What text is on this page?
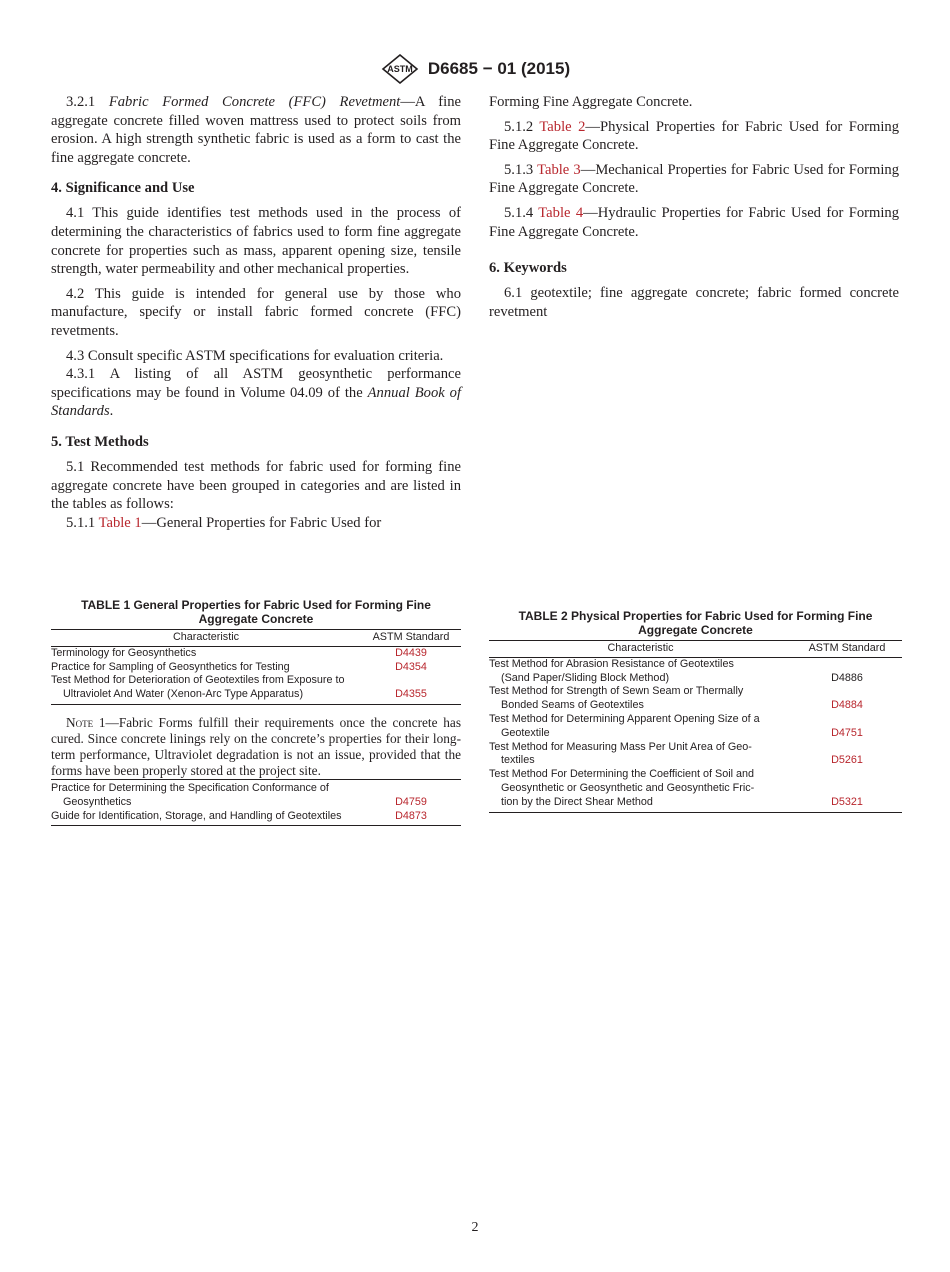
ASTM D6685 − 01 (2015)

3.2.1 Fabric Formed Concrete (FFC) Revetment—A fine aggregate concrete filled woven mattress used to protect soils from erosion. A high strength synthetic fabric is used as a form to cast the fine aggregate concrete.

4. Significance and Use

4.1 This guide identifies test methods used in the process of determining the characteristics of fabrics used to form fine aggregate concrete for properties such as mass, apparent opening size, tensile strength, water permeability and other mechanical properties.

4.2 This guide is intended for general use by those who manufacture, specify or install fabric formed concrete (FFC) revetments.

4.3 Consult specific ASTM specifications for evaluation criteria.

4.3.1 A listing of all ASTM geosynthetic performance specifications may be found in Volume 04.09 of the Annual Book of Standards.

5. Test Methods

5.1 Recommended test methods for fabric used for forming fine aggregate concrete have been grouped in categories and are listed in the tables as follows:

5.1.1 Table 1—General Properties for Fabric Used for

Forming Fine Aggregate Concrete.

5.1.2 Table 2—Physical Properties for Fabric Used for Forming Fine Aggregate Concrete.

5.1.3 Table 3—Mechanical Properties for Fabric Used for Forming Fine Aggregate Concrete.

5.1.4 Table 4—Hydraulic Properties for Fabric Used for Forming Fine Aggregate Concrete.

6. Keywords

6.1 geotextile; fine aggregate concrete; fabric formed concrete revetment

TABLE 1 General Properties for Fabric Used for Forming Fine Aggregate Concrete
Characteristic	ASTM Standard
Terminology for Geosynthetics	D4439
Practice for Sampling of Geosynthetics for Testing	D4354
Test Method for Deterioration of Geotextiles from Exposure to
Ultraviolet And Water (Xenon-Arc Type Apparatus)	D4355

Note 1—Fabric Forms fulfill their requirements once the concrete has cured. Since concrete linings rely on the concrete’s properties for their long-term performance, Ultraviolet degradation is not an issue, provided that the forms have been properly stored at the project site.

Practice for Determining the Specification Conformance of
Geosynthetics	D4759
Guide for Identification, Storage, and Handling of Geotextiles	D4873
TABLE 2 Physical Properties for Fabric Used for Forming Fine Aggregate Concrete
Characteristic	ASTM Standard
Test Method for Abrasion Resistance of Geotextiles
(Sand Paper/Sliding Block Method)	D4886
Test Method for Strength of Sewn Seam or Thermally
Bonded Seams of Geotextiles	D4884
Test Method for Determining Apparent Opening Size of a
Geotextile	D4751
Test Method for Measuring Mass Per Unit Area of Geo-
textiles	D5261
Test Method For Determining the Coefficient of Soil and
Geosynthetic or Geosynthetic and Geosynthetic Fric-
tion by the Direct Shear Method	D5321
2
